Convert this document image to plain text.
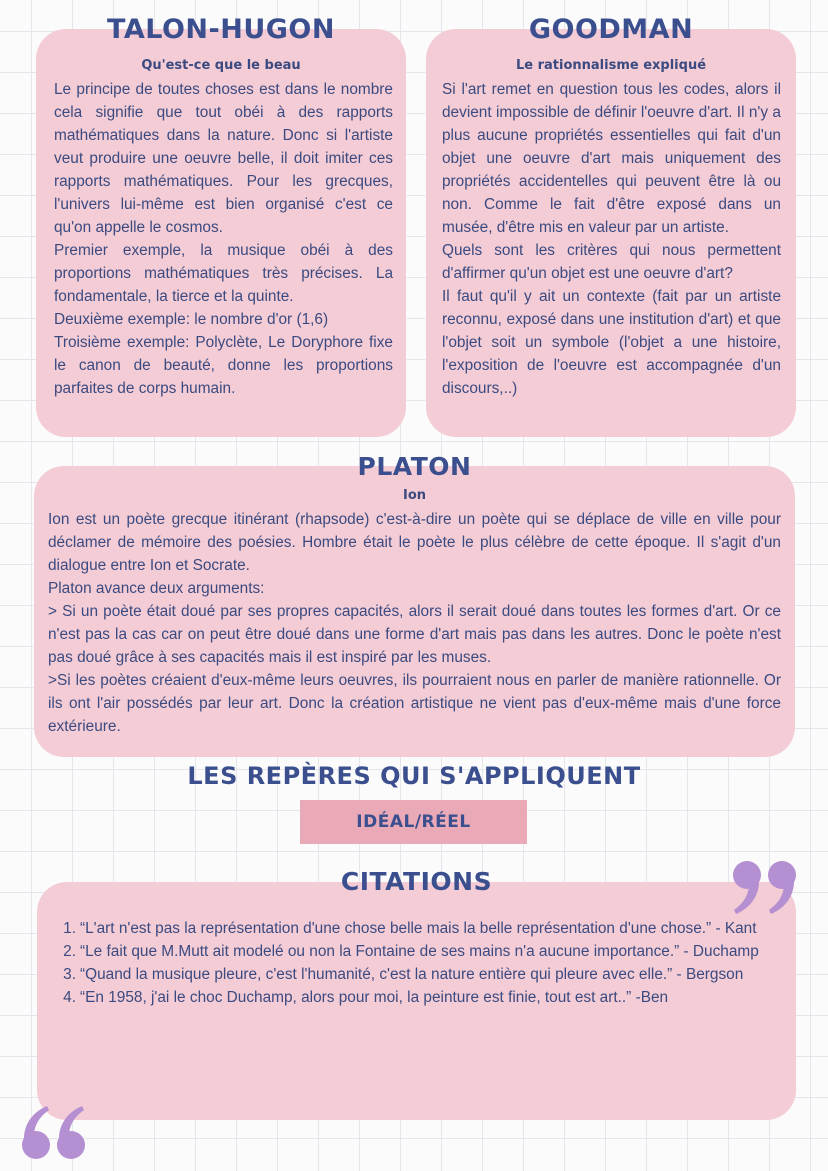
TALON-HUGON
Qu'est-ce que le beau

Le principe de toutes choses est dans le nombre cela signifie que tout obéi à des rapports mathématiques dans la nature. Donc si l'artiste veut produire une oeuvre belle, il doit imiter ces rapports mathématiques. Pour les grecques, l'univers lui-même est bien organisé c'est ce qu'on appelle le cosmos.

Premier exemple, la musique obéi à des proportions mathématiques très précises. La fondamentale, la tierce et la quinte.

Deuxième exemple: le nombre d'or (1,6)

Troisième exemple: Polyclète, Le Doryphore fixe le canon de beauté, donne les proportions parfaites de corps humain.

GOODMAN
Le rationnalisme expliqué

Si l'art remet en question tous les codes, alors il devient impossible de définir l'oeuvre d'art. Il n'y a plus aucune propriétés essentielles qui fait d'un objet une oeuvre d'art mais uniquement des propriétés accidentelles qui peuvent être là ou non. Comme le fait d'être exposé dans un musée, d'être mis en valeur par un artiste.

Quels sont les critères qui nous permettent d'affirmer qu'un objet est une oeuvre d'art?

Il faut qu'il y ait un contexte (fait par un artiste reconnu, exposé dans une institution d'art) et que l'objet soit un symbole (l'objet a une histoire, l'exposition de l'oeuvre est accompagnée d'un discours,..)

PLATON
Ion

Ion est un poète grecque itinérant (rhapsode) c'est-à-dire un poète qui se déplace de ville en ville pour déclamer de mémoire des poésies. Hombre était le poète le plus célèbre de cette époque. Il s'agit d'un dialogue entre Ion et Socrate.

Platon avance deux arguments:

> Si un poète était doué par ses propres capacités, alors il serait doué dans toutes les formes d'art. Or ce n'est pas la cas car on peut être doué dans une forme d'art mais pas dans les autres. Donc le poète n'est pas doué grâce à ses capacités mais il est inspiré par les muses.

>Si les poètes créaient d'eux-même leurs oeuvres, ils pourraient nous en parler de manière rationnelle. Or ils ont l'air possédés par leur art. Donc la création artistique ne vient pas d'eux-même mais d'une force extérieure.

LES REPÈRES QUI S'APPLIQUENT
IDÉAL/RÉEL
CITATIONS
1. “L'art n'est pas la représentation d'une chose belle mais la belle représentation d'une chose.” - Kant
2. “Le fait que M.Mutt ait modelé ou non la Fontaine de ses mains n'a aucune importance.” - Duchamp
3. “Quand la musique pleure, c'est l'humanité, c'est la nature entière qui pleure avec elle.” - Bergson
4. “En 1958, j'ai le choc Duchamp, alors pour moi, la peinture est finie, tout est art..” -Ben
